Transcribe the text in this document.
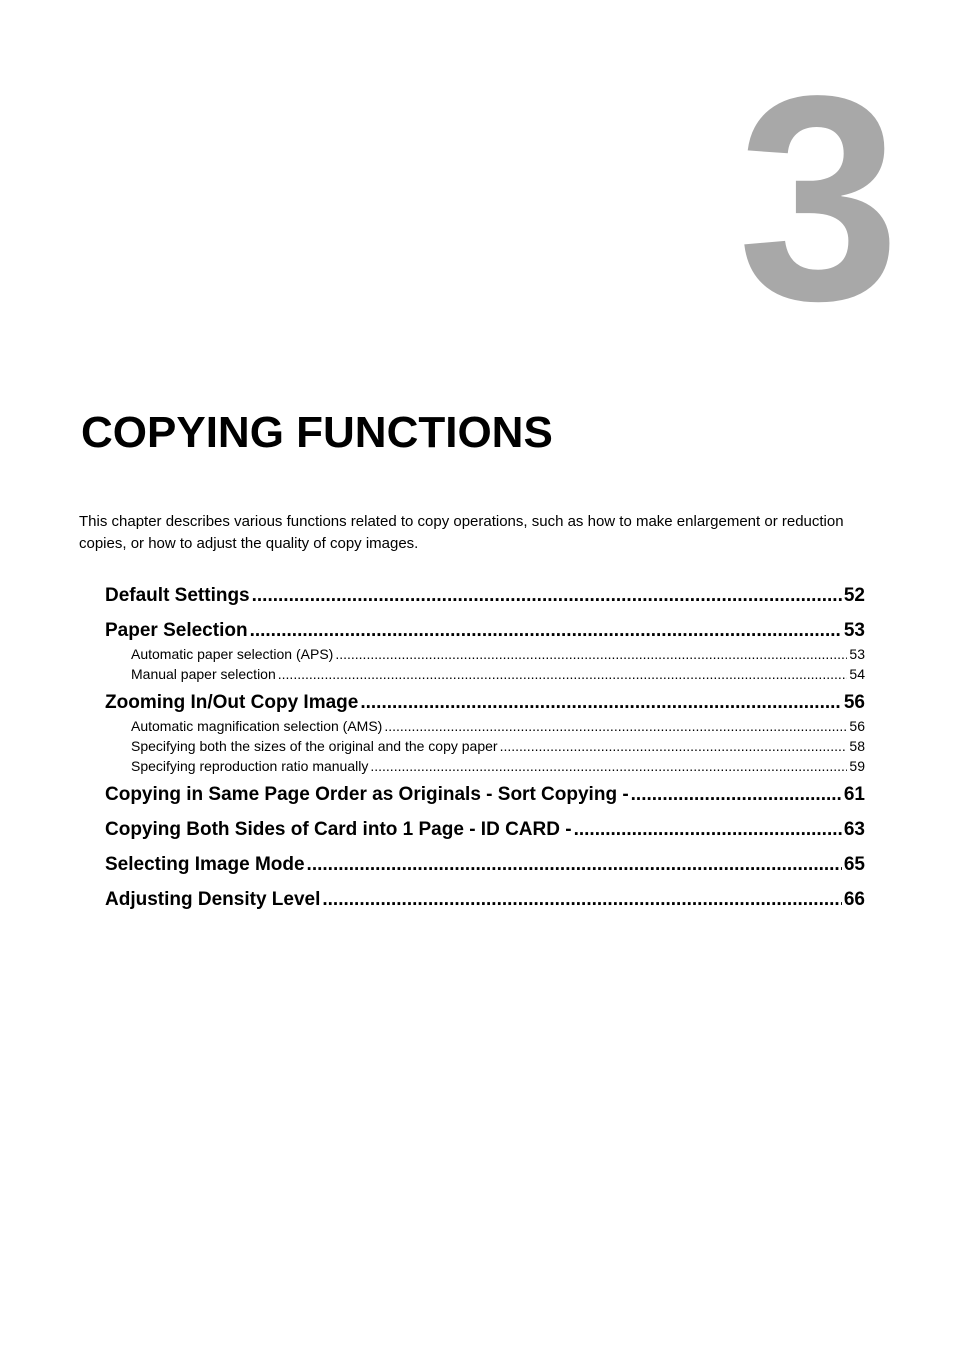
3
COPYING FUNCTIONS

This chapter describes various functions related to copy operations, such as how to make enlargement or reduction copies, or how to adjust the quality of copy images.

Default Settings .....	52
Paper Selection .....	53
Automatic paper selection (APS) .....	53
Manual paper selection .....	54
Zooming In/Out Copy Image .....	56
Automatic magnification selection (AMS) .....	56
Specifying both the sizes of the original and the copy paper .....	58
Specifying reproduction ratio manually .....	59
Copying in Same Page Order as Originals - Sort Copying - .....	61
Copying Both Sides of Card into 1 Page - ID CARD - .....	63
Selecting Image Mode .....	65
Adjusting Density Level .....	66
